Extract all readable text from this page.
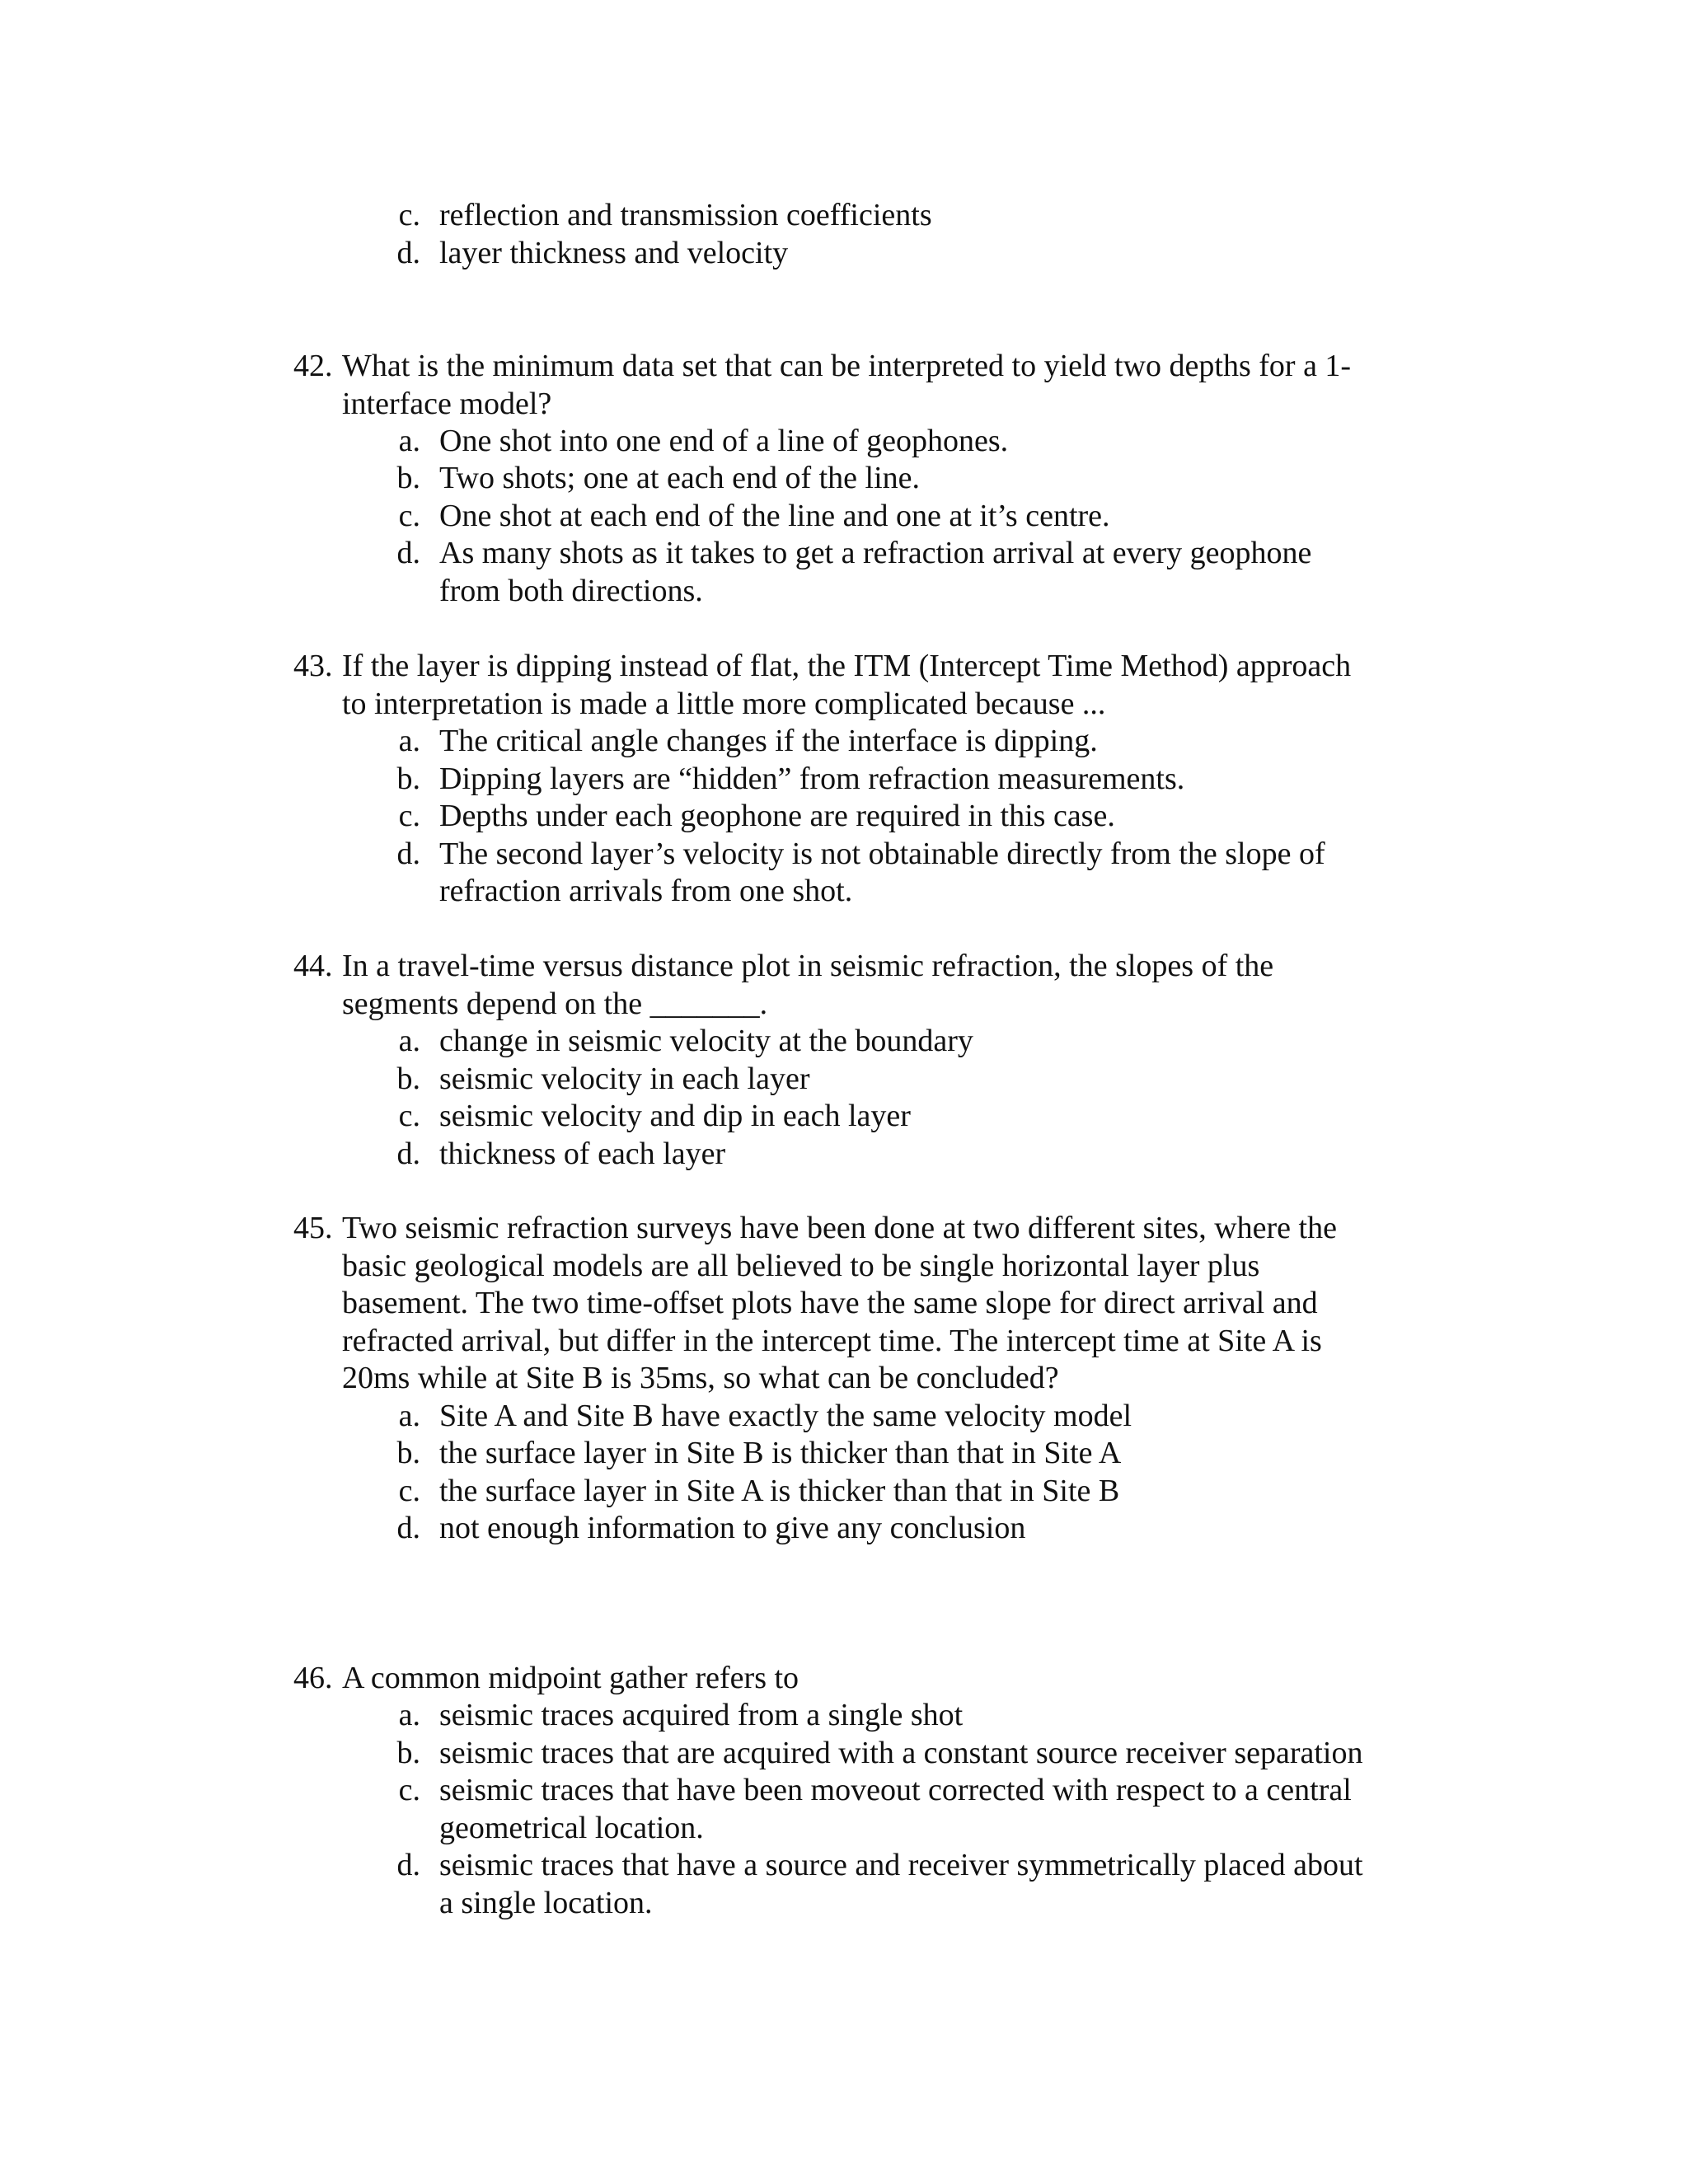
c. reflection and transmission coefficients
d. layer thickness and velocity
42. What is the minimum data set that can be interpreted to yield two depths for a 1-
interface model?
a. One shot into one end of a line of geophones.
b. Two shots; one at each end of the line.
c. One shot at each end of the line and one at it’s centre.
d. As many shots as it takes to get a refraction arrival at every geophone
from both directions.
43. If the layer is dipping instead of flat, the ITM (Intercept Time Method) approach
to interpretation is made a little more complicated because ...
a. The critical angle changes if the interface is dipping.
b. Dipping layers are “hidden” from refraction measurements.
c. Depths under each geophone are required in this case.
d. The second layer’s velocity is not obtainable directly from the slope of
refraction arrivals from one shot.
44. In a travel-time versus distance plot in seismic refraction, the slopes of the
segments depend on the _______.
a. change in seismic velocity at the boundary
b. seismic velocity in each layer
c. seismic velocity and dip in each layer
d. thickness of each layer
45. Two seismic refraction surveys have been done at two different sites, where the
basic geological models are all believed to be single horizontal layer plus
basement. The two time-offset plots have the same slope for direct arrival and
refracted arrival, but differ in the intercept time. The intercept time at Site A is
20ms while at Site B is 35ms, so what can be concluded?
a. Site A and Site B have exactly the same velocity model
b. the surface layer in Site B is thicker than that in Site A
c. the surface layer in Site A is thicker than that in Site B
d. not enough information to give any conclusion
46. A common midpoint gather refers to
a. seismic traces acquired from a single shot
b. seismic traces that are acquired with a constant source receiver separation
c. seismic traces that have been moveout corrected with respect to a central
geometrical location.
d. seismic traces that have a source and receiver symmetrically placed about
a single location.
